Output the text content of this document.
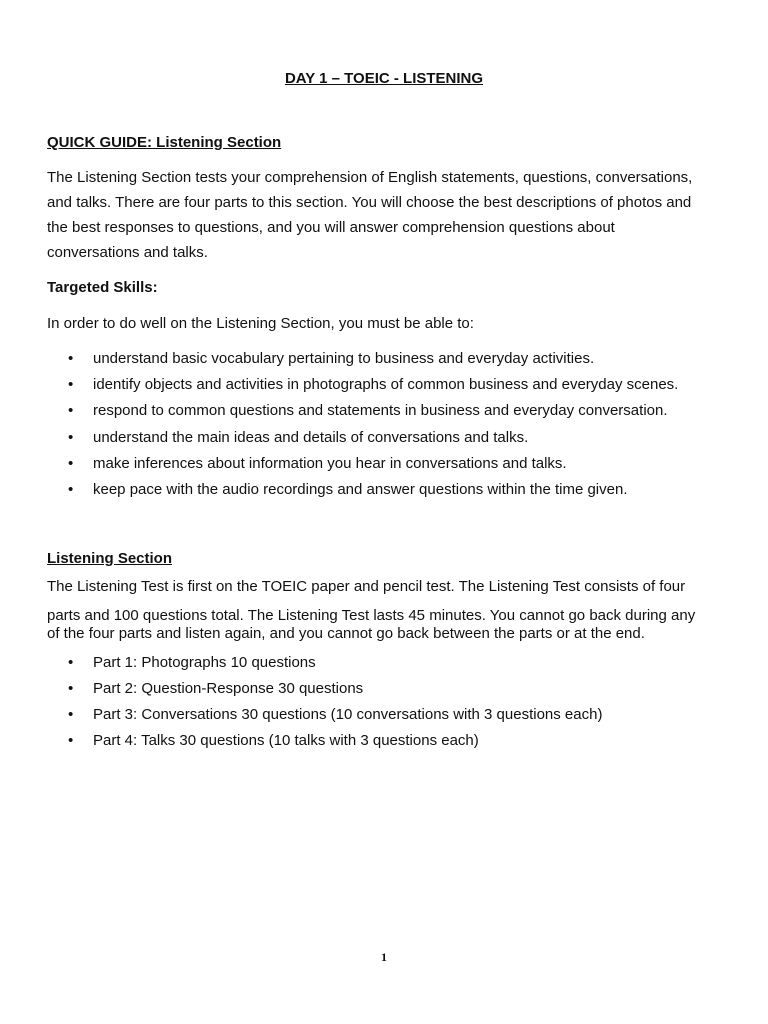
DAY 1 – TOEIC - LISTENING
QUICK GUIDE: Listening Section
The Listening Section tests your comprehension of English statements, questions, conversations,
and talks. There are four parts to this section. You will choose the best descriptions of photos and
the best responses to questions, and you will answer comprehension questions about
conversations and talks.
Targeted Skills:
In order to do well on the Listening Section, you must be able to:
• understand basic vocabulary pertaining to business and everyday activities.
• identify objects and activities in photographs of common business and everyday scenes.
• respond to common questions and statements in business and everyday conversation.
• understand the main ideas and details of conversations and talks.
• make inferences about information you hear in conversations and talks.
• keep pace with the audio recordings and answer questions within the time given.
Listening Section
The Listening Test is first on the TOEIC paper and pencil test. The Listening Test consists of four
parts and 100 questions total. The Listening Test lasts 45 minutes. You cannot go back during any
of the four parts and listen again, and you cannot go back between the parts or at the end.
• Part 1: Photographs 10 questions
• Part 2: Question-Response 30 questions
• Part 3: Conversations 30 questions (10 conversations with 3 questions each)
• Part 4: Talks 30 questions (10 talks with 3 questions each)
1
